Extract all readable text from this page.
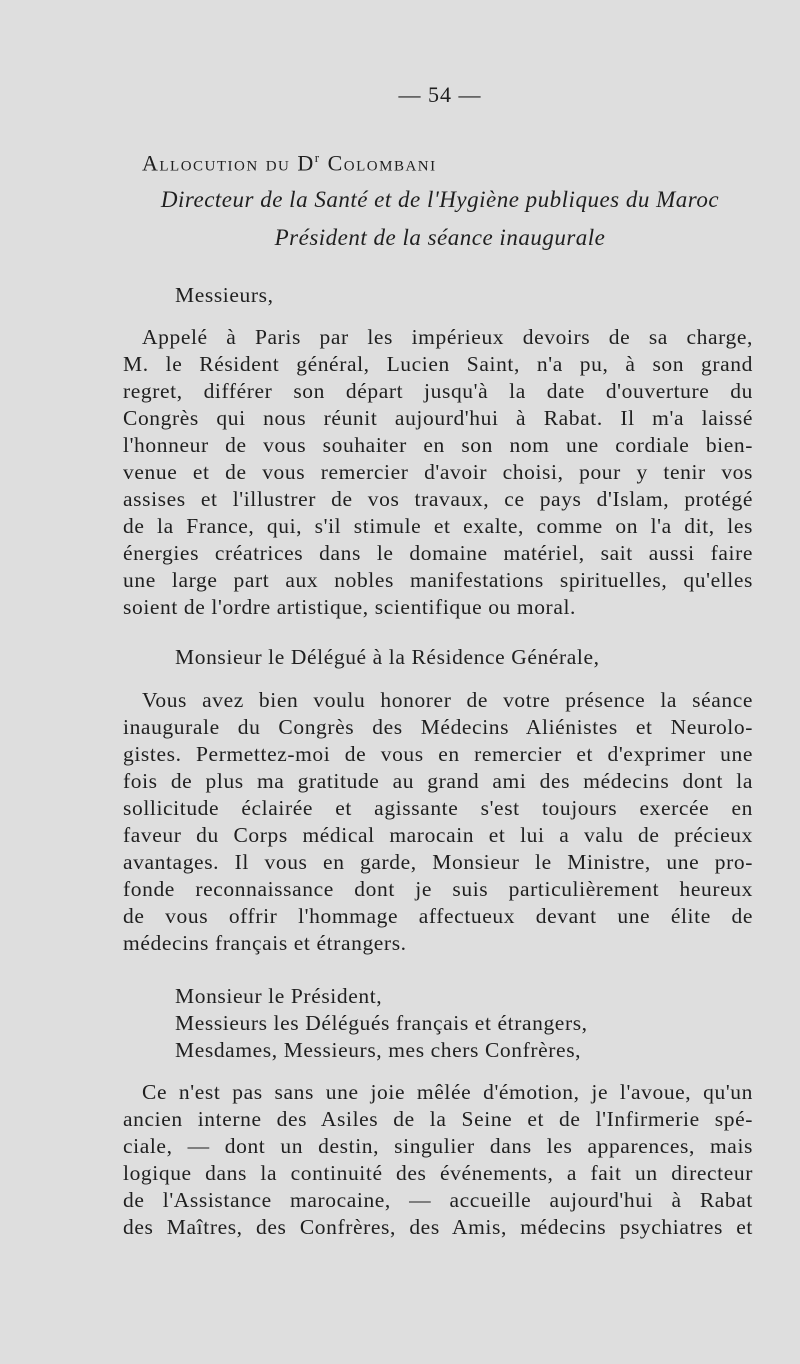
— 54 —
Allocution du $D^r$ Colombani
Directeur de la Santé et de l'Hygiène publiques du Maroc
Président de la séance inaugurale
Messieurs,
Appelé à Paris par les impérieux devoirs de sa charge,
M. le Résident général, Lucien Saint, n'a pu, à son grand
regret, différer son départ jusqu'à la date d'ouverture du
Congrès qui nous réunit aujourd'hui à Rabat. Il m'a laissé
l'honneur de vous souhaiter en son nom une cordiale bien-
venue et de vous remercier d'avoir choisi, pour y tenir vos
assises et l'illustrer de vos travaux, ce pays d'Islam, protégé
de la France, qui, s'il stimule et exalte, comme on l'a dit, les
énergies créatrices dans le domaine matériel, sait aussi faire
une large part aux nobles manifestations spirituelles, qu'elles
soient de l'ordre artistique, scientifique ou moral.
Monsieur le Délégué à la Résidence Générale,
Vous avez bien voulu honorer de votre présence la séance
inaugurale du Congrès des Médecins Aliénistes et Neurolo-
gistes. Permettez-moi de vous en remercier et d'exprimer une
fois de plus ma gratitude au grand ami des médecins dont la
sollicitude éclairée et agissante s'est toujours exercée en
faveur du Corps médical marocain et lui a valu de précieux
avantages. Il vous en garde, Monsieur le Ministre, une pro-
fonde reconnaissance dont je suis particulièrement heureux
de vous offrir l'hommage affectueux devant une élite de
médecins français et étrangers.
Monsieur le Président,
Messieurs les Délégués français et étrangers,
Mesdames, Messieurs, mes chers Confrères,
Ce n'est pas sans une joie mêlée d'émotion, je l'avoue, qu'un
ancien interne des Asiles de la Seine et de l'Infirmerie spé-
ciale, — dont un destin, singulier dans les apparences, mais
logique dans la continuité des événements, a fait un directeur
de l'Assistance marocaine, — accueille aujourd'hui à Rabat
des Maîtres, des Confrères, des Amis, médecins psychiatres et
